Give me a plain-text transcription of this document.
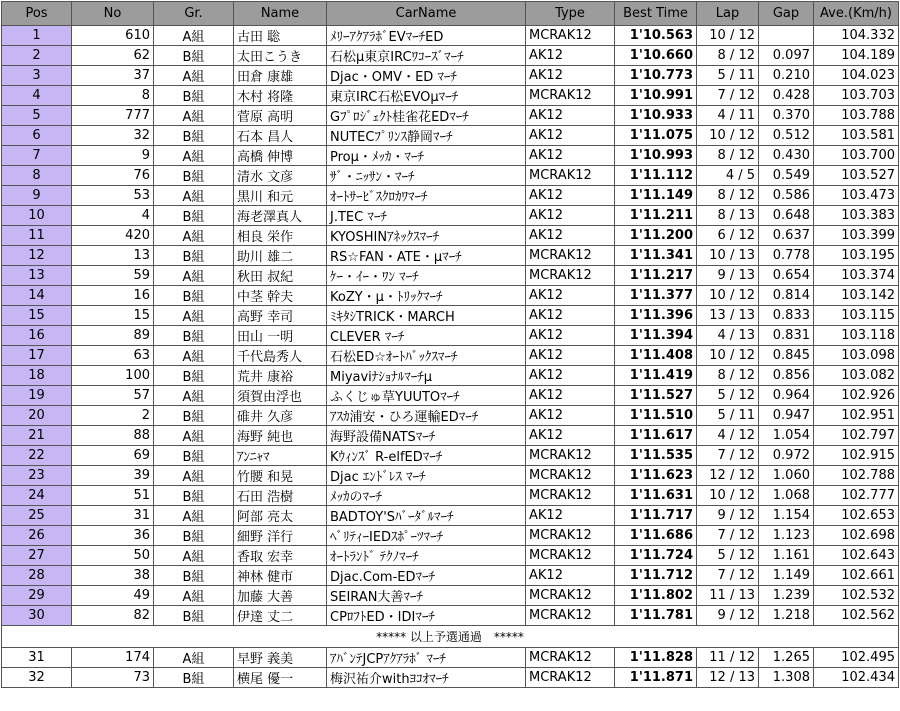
Pos	No	Gr.	Name	CarName	Type	Best Time	Lap	Gap	Ave.(Km/h)
1	610	A組	古田 聡	ﾒﾘｰｱｸｱﾗﾎﾞEVﾏｰﾁED	MCRAK12	1'10.563	10 / 12		104.332
2	62	B組	太田こうき	石松μ東京IRCﾜｺｰｽﾞﾏｰﾁ	AK12	1'10.660	8 / 12	0.097	104.189
3	37	A組	田倉 康雄	Djac・OMV・ED ﾏｰﾁ	AK12	1'10.773	5 / 11	0.210	104.023
4	8	B組	木村 将隆	東京IRC石松EVOμﾏｰﾁ	MCRAK12	1'10.991	7 / 12	0.428	103.703
5	777	A組	菅原 高明	Gﾌﾟﾛｼﾞｪｸﾄ桂雀花EDﾏｰﾁ	AK12	1'10.933	4 / 11	0.370	103.788
6	32	B組	石本 昌人	NUTECﾌﾟﾘﾝｽ静岡ﾏｰﾁ	AK12	1'11.075	10 / 12	0.512	103.581
7	9	A組	高橋 伸博	Proμ・ﾒｯｶ・ﾏｰﾁ	AK12	1'10.993	8 / 12	0.430	103.700
8	76	B組	清水 文彦	ｻﾞ・ﾆｯｻﾝ・ﾏｰﾁ	MCRAK12	1'11.112	4 / 5	0.549	103.527
9	53	A組	黒川 和元	ｵｰﾄｻｰﾋﾞｽｸﾛｶﾜﾏｰﾁ	AK12	1'11.149	8 / 12	0.586	103.473
10	4	B組	海老澤真人	J.TEC ﾏｰﾁ	AK12	1'11.211	8 / 13	0.648	103.383
11	420	A組	相良 栄作	KYOSHINｱﾈｯｸｽﾏｰﾁ	AK12	1'11.200	6 / 12	0.637	103.399
12	13	B組	助川 雄二	RS☆FAN・ATE・μﾏｰﾁ	MCRAK12	1'11.341	10 / 13	0.778	103.195
13	59	A組	秋田 叔紀	ｹｰ・ｲｰ・ﾜﾝ ﾏｰﾁ	MCRAK12	1'11.217	9 / 13	0.654	103.374
14	16	B組	中茎 幹夫	KoZY・μ・ﾄﾘｯｸﾏｰﾁ	AK12	1'11.377	10 / 12	0.814	103.142
15	15	A組	高野 幸司	ﾐｷﾀｼTRICK・MARCH	AK12	1'11.396	13 / 13	0.833	103.115
16	89	B組	田山 一明	CLEVER ﾏｰﾁ	AK12	1'11.394	4 / 13	0.831	103.118
17	63	A組	千代島秀人	石松ED☆ｵｰﾄﾊﾞｯｸｽﾏｰﾁ	AK12	1'11.408	10 / 12	0.845	103.098
18	100	B組	荒井 康裕	Miyaviﾅｼｮﾅﾙﾏｰﾁμ	AK12	1'11.419	8 / 12	0.856	103.082
19	57	A組	須賀由浮也	ふくじゅ草YUUTOﾏｰﾁ	AK12	1'11.527	5 / 12	0.964	102.926
20	2	B組	碓井 久彦	ｱｽｶ浦安・ひろ運輸EDﾏｰﾁ	AK12	1'11.510	5 / 11	0.947	102.951
21	88	A組	海野 純也	海野設備NATSﾏｰﾁ	AK12	1'11.617	4 / 12	1.054	102.797
22	69	B組	ｱﾝﾆｬﾏ	Kｳｨﾝｽﾞ R-elfEDﾏｰﾁ	MCRAK12	1'11.535	7 / 12	0.972	102.915
23	39	A組	竹腰 和晃	Djac ｴﾝﾄﾞﾚｽ ﾏｰﾁ	MCRAK12	1'11.623	12 / 12	1.060	102.788
24	51	B組	石田 浩樹	ﾒｯｶのﾏｰﾁ	MCRAK12	1'11.631	10 / 12	1.068	102.777
25	31	A組	阿部 亮太	BADTOY'Sﾊﾞｰﾀﾞﾙﾏｰﾁ	AK12	1'11.717	9 / 12	1.154	102.653
26	36	B組	細野 洋行	ﾍﾞﾘﾃｨｰIEDｽﾎﾟｰﾂﾏｰﾁ	MCRAK12	1'11.686	7 / 12	1.123	102.698
27	50	A組	香取 宏幸	ｵｰﾄﾗﾝﾄﾞ ﾃｸﾉﾏｰﾁ	MCRAK12	1'11.724	5 / 12	1.161	102.643
28	38	B組	神林 健市	Djac.Com-EDﾏｰﾁ	AK12	1'11.712	7 / 12	1.149	102.661
29	49	A組	加藤 大善	SEIRAN大善ﾏｰﾁ	MCRAK12	1'11.802	11 / 13	1.239	102.532
30	82	B組	伊達 丈二	CPﾛﾌﾄED・IDIﾏｰﾁ	MCRAK12	1'11.781	9 / 12	1.218	102.562
***** 以上予選通過　*****									
31	174	A組	早野 義美	ｱﾊﾞﾝﾃJCPｱｸｱﾗﾎﾞ ﾏｰﾁ	MCRAK12	1'11.828	11 / 12	1.265	102.495
32	73	B組	横尾 優一	梅沢祐介withﾖｺｵﾏｰﾁ	MCRAK12	1'11.871	12 / 13	1.308	102.434
